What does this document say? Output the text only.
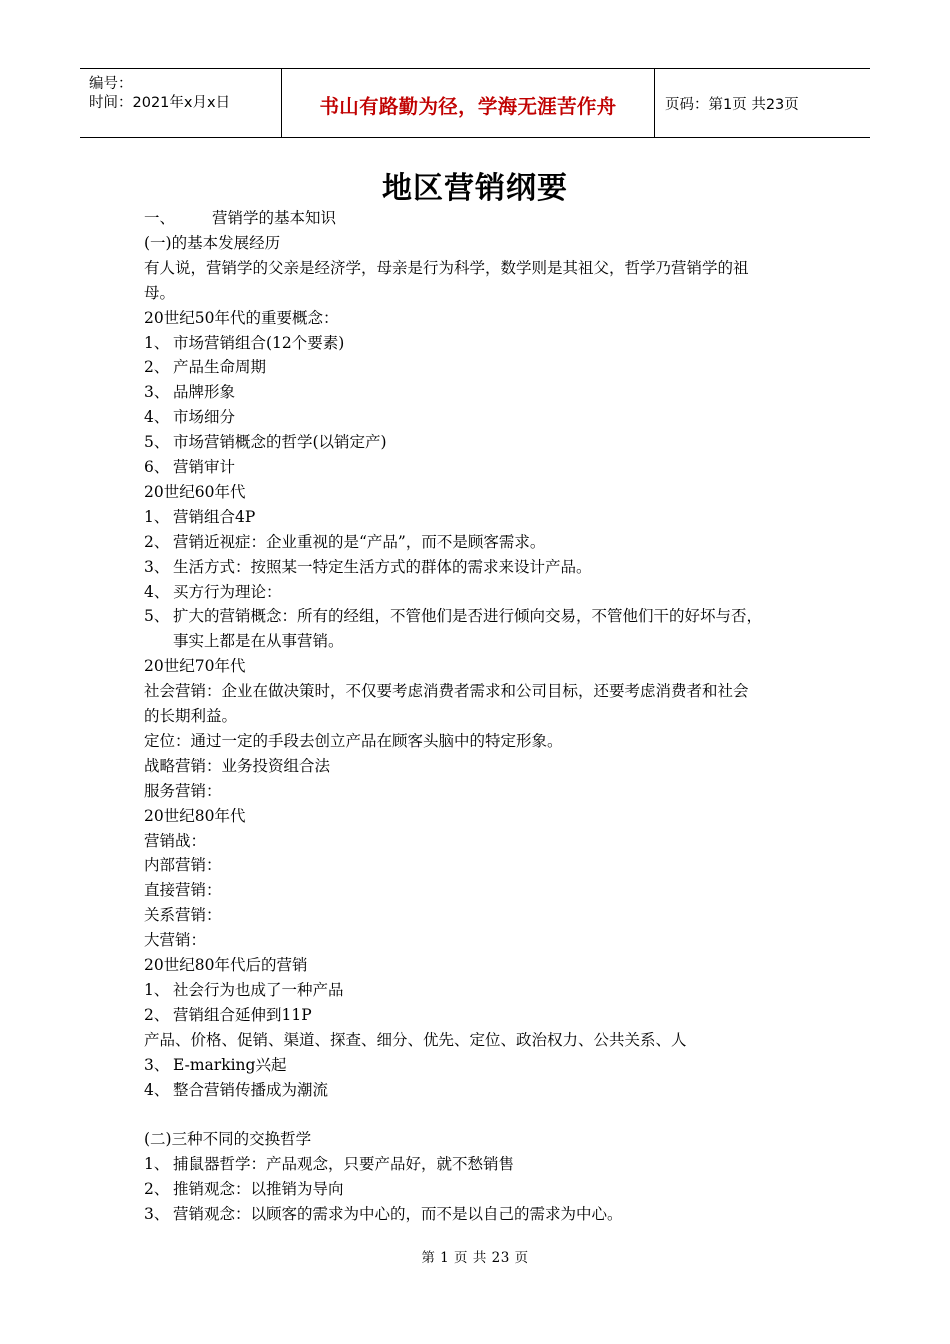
编号：
时间：2021年x月x日	书山有路勤为径，学海无涯苦作舟	页码：第1页 共23页
地区营销纲要
一、 营销学的基本知识
(一)的基本发展经历
有人说，营销学的父亲是经济学，母亲是行为科学，数学则是其祖父，哲学乃营销学的祖
母。
20世纪50年代的重要概念：
1、 市场营销组合(12个要素)
2、 产品生命周期
3、 品牌形象
4、 市场细分
5、 市场营销概念的哲学(以销定产)
6、 营销审计
20世纪60年代
1、 营销组合4P
2、 营销近视症：企业重视的是“产品”，而不是顾客需求。
3、 生活方式：按照某一特定生活方式的群体的需求来设计产品。
4、 买方行为理论：
5、 扩大的营销概念：所有的经组，不管他们是否进行倾向交易，不管他们干的好坏与否，
事实上都是在从事营销。
20世纪70年代
社会营销：企业在做决策时，不仅要考虑消费者需求和公司目标，还要考虑消费者和社会
的长期利益。
定位：通过一定的手段去创立产品在顾客头脑中的特定形象。
战略营销：业务投资组合法
服务营销：
20世纪80年代
营销战：
内部营销：
直接营销：
关系营销：
大营销：
20世纪80年代后的营销
1、 社会行为也成了一种产品
2、 营销组合延伸到11P
产品、价格、促销、渠道、探查、细分、优先、定位、政治权力、公共关系、人
3、 E-marking兴起
4、 整合营销传播成为潮流
(二)三种不同的交换哲学
1、 捕鼠器哲学：产品观念，只要产品好，就不愁销售
2、 推销观念：以推销为导向
3、 营销观念：以顾客的需求为中心的，而不是以自己的需求为中心。
第 1 页 共 23 页
